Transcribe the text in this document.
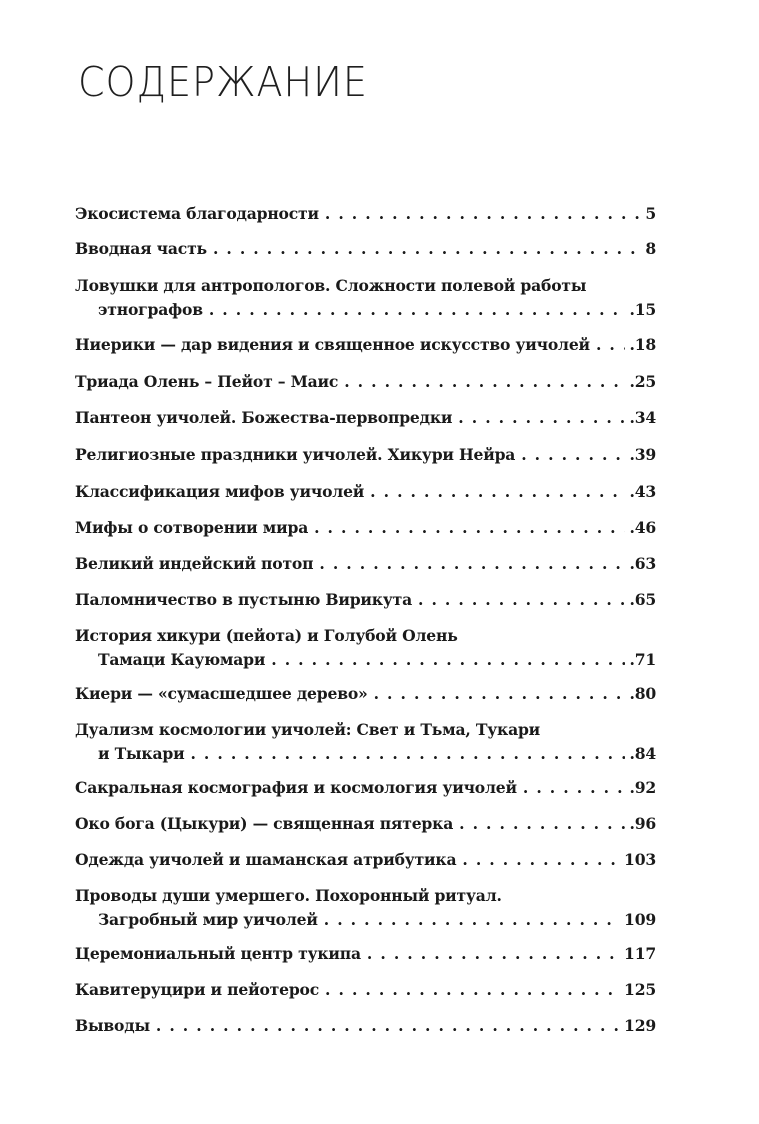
СОДЕРЖАНИЕ
Экосистема благодарности . . .	5
Вводная часть . . .	8
Ловушки для антропологов. Сложности полевой работы
этнографов . . .	.15
Ниерики — дар видения и священное искусство уичолей . . .	.18
Триада Олень – Пейот – Маис . . .	.25
Пантеон уичолей. Божества-первопредки . . .	.34
Религиозные праздники уичолей. Хикури Нейра . . .	.39
Классификация мифов уичолей . . .	.43
Мифы о сотворении мира . . .	.46
Великий индейский потоп . . .	.63
Паломничество в пустыню Вирикута . . .	.65
История хикури (пейота) и Голубой Олень
Тамаци Кауюмари . . .	.71
Киери — «сумасшедшее дерево» . . .	.80
Дуализм космологии уичолей: Свет и Тьма, Тукари
и Тыкари . . .	.84
Сакральная космография и космология уичолей . . .	.92
Око бога (Цыкури) — священная пятерка . . .	.96
Одежда уичолей и шаманская атрибутика . . .	103
Проводы души умершего. Похоронный ритуал.
Загробный мир уичолей . . .	109
Церемониальный центр тукипа . . .	117
Кавитеруцири и пейотерос . . .	125
Выводы . . .	129
